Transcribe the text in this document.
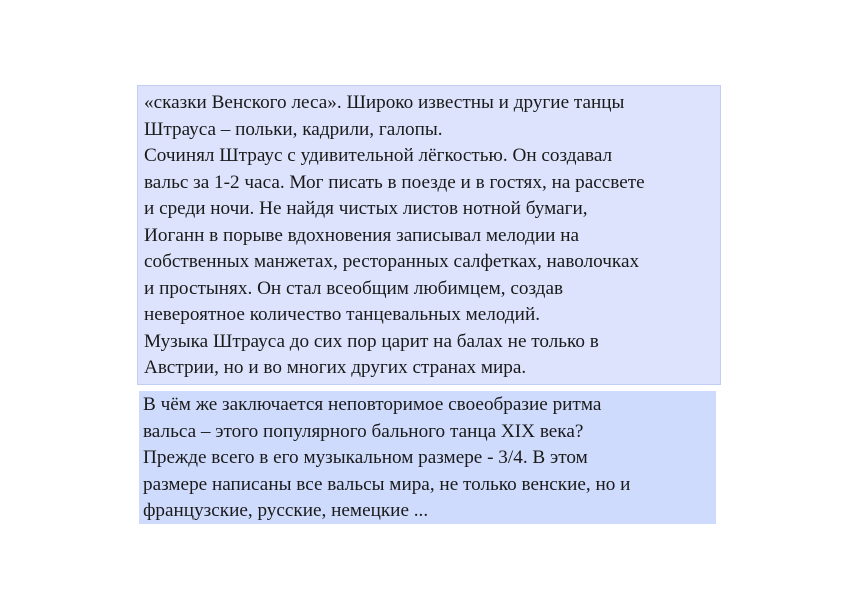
«сказки Венского леса». Широко известны и другие танцы

Штрауса – польки, кадрили, галопы.

Сочинял Штраус с удивительной лёгкостью. Он создавал

вальс за 1-2 часа. Мог писать в поезде и в гостях, на рассвете

и среди ночи. Не найдя чистых листов нотной бумаги,

Иоганн в порыве вдохновения записывал мелодии на

собственных манжетах, ресторанных салфетках, наволочках

и простынях. Он стал всеобщим любимцем, создав

невероятное количество танцевальных мелодий.

Музыка Штрауса до сих пор царит на балах не только в

Австрии, но и во многих других странах мира.

В чём же заключается неповторимое своеобразие ритма

вальса – этого популярного бального танца XIX века?

Прежде всего в его музыкальном размере - 3/4. В этом

размере написаны все вальсы мира, не только венские, но и

французские, русские, немецкие ...
